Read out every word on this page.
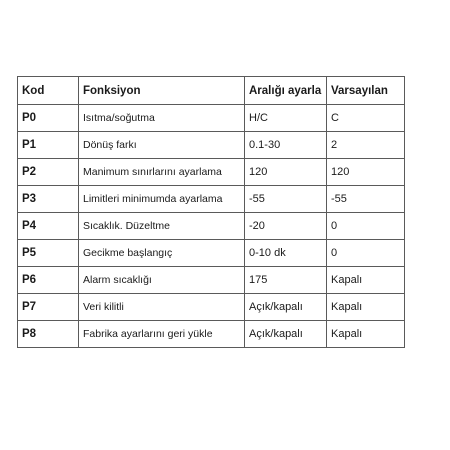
Kod	Fonksiyon	Aralığı ayarla	Varsayılan
P0	Isıtma/soğutma	H/C	C
P1	Dönüş farkı	0.1-30	2
P2	Manimum sınırlarını ayarlama	120	120
P3	Limitleri minimumda ayarlama	-55	-55
P4	Sıcaklık. Düzeltme	-20	0
P5	Gecikme başlangıç	0-10 dk	0
P6	Alarm sıcaklığı	175	Kapalı
P7	Veri kilitli	Açık/kapalı	Kapalı
P8	Fabrika ayarlarını geri yükle	Açık/kapalı	Kapalı
